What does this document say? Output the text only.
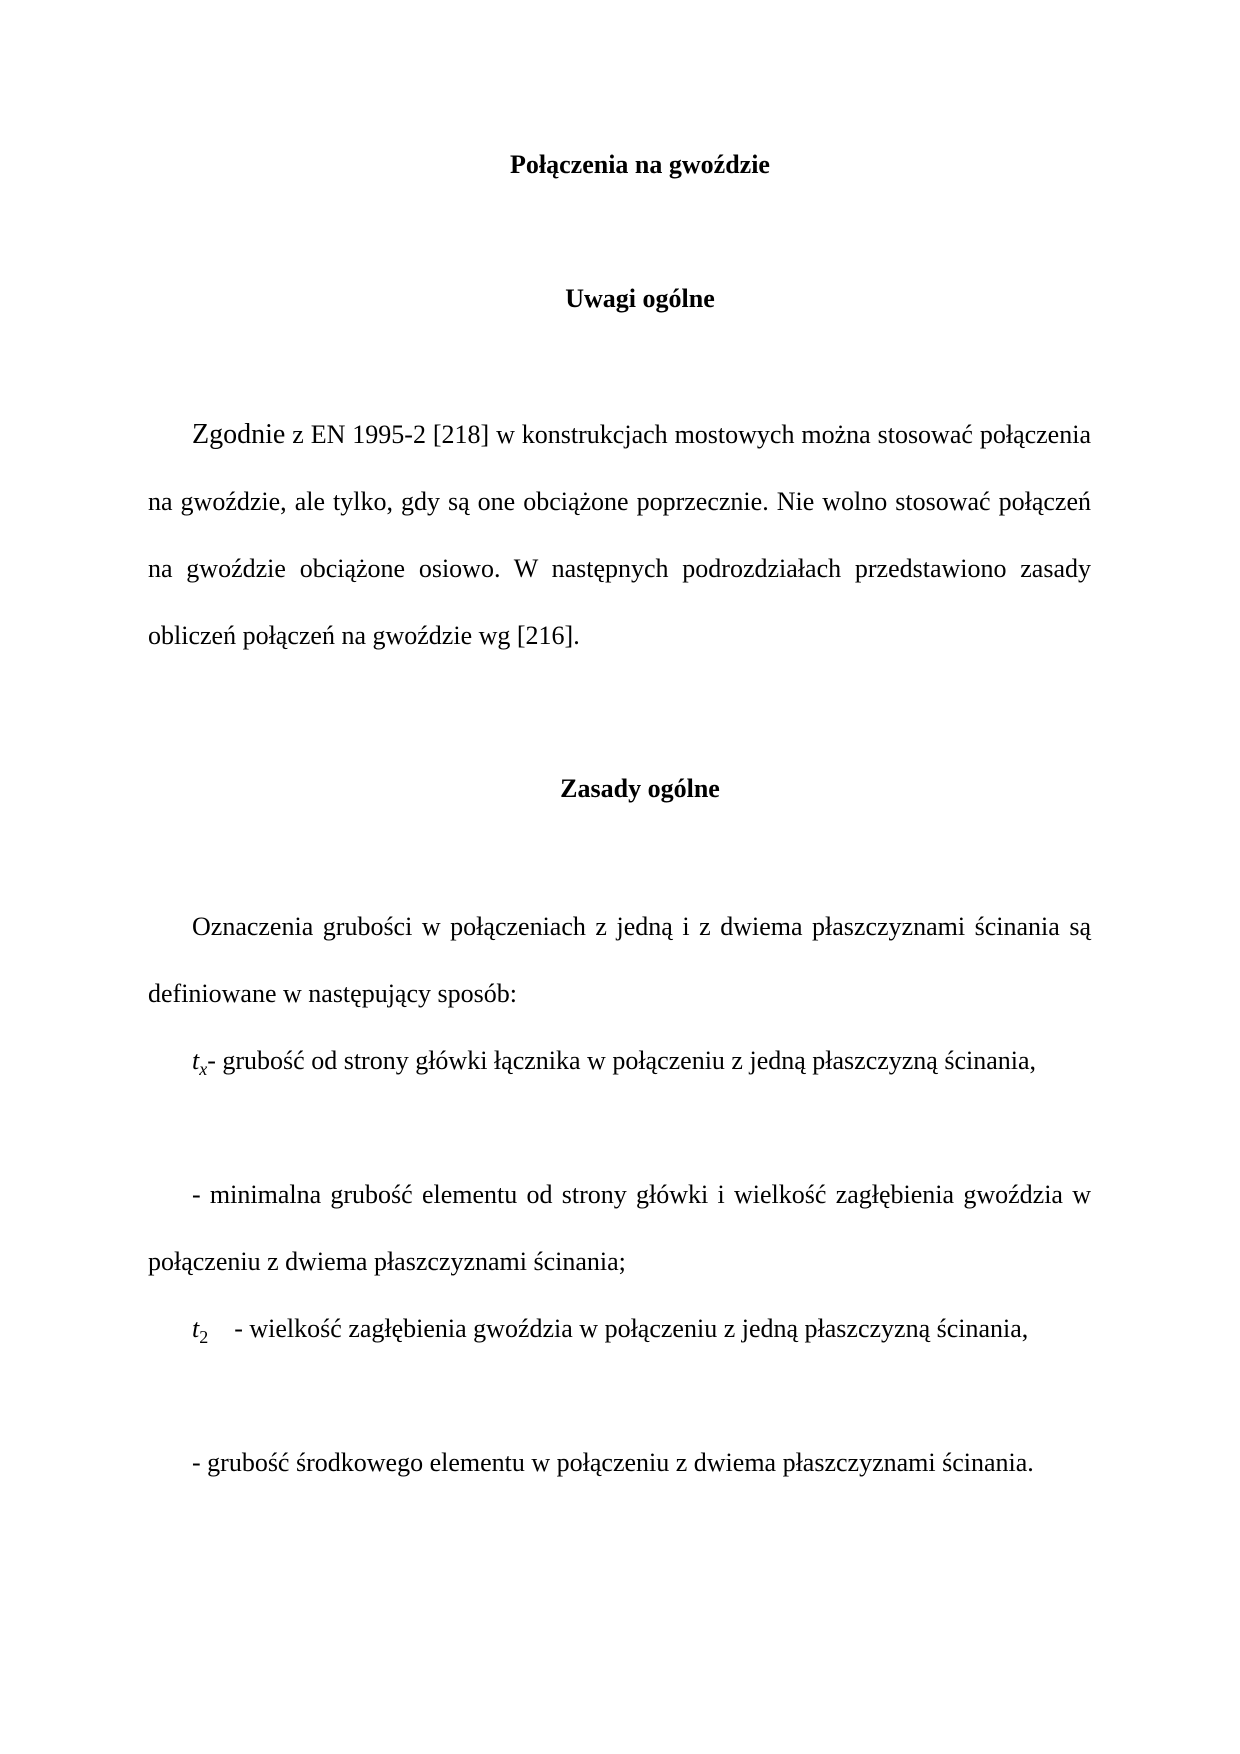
Połączenia na gwoździe
Uwagi ogólne
Zgodnie z EN 1995-2 [218] w konstrukcjach mostowych można stosować połączenia na gwoździe, ale tylko, gdy są one obciążone poprzecznie. Nie wolno stosować połączeń na gwoździe obciążone osiowo. W następnych podrozdziałach przedstawiono zasady obliczeń połączeń na gwoździe wg [216].
Zasady ogólne
Oznaczenia grubości w połączeniach z jedną i z dwiema płaszczyznami ścinania są definiowane w następujący sposób:
$t_x-$ grubość od strony główki łącznika w połączeniu z jedną płaszczyzną ścinania,
- minimalna grubość elementu od strony główki i wielkość zagłębienia gwoździa w połączeniu z dwiema płaszczyznami ścinania;
$t_2$ - wielkość zagłębienia gwoździa w połączeniu z jedną płaszczyzną ścinania,
- grubość środkowego elementu w połączeniu z dwiema płaszczyznami ścinania.
